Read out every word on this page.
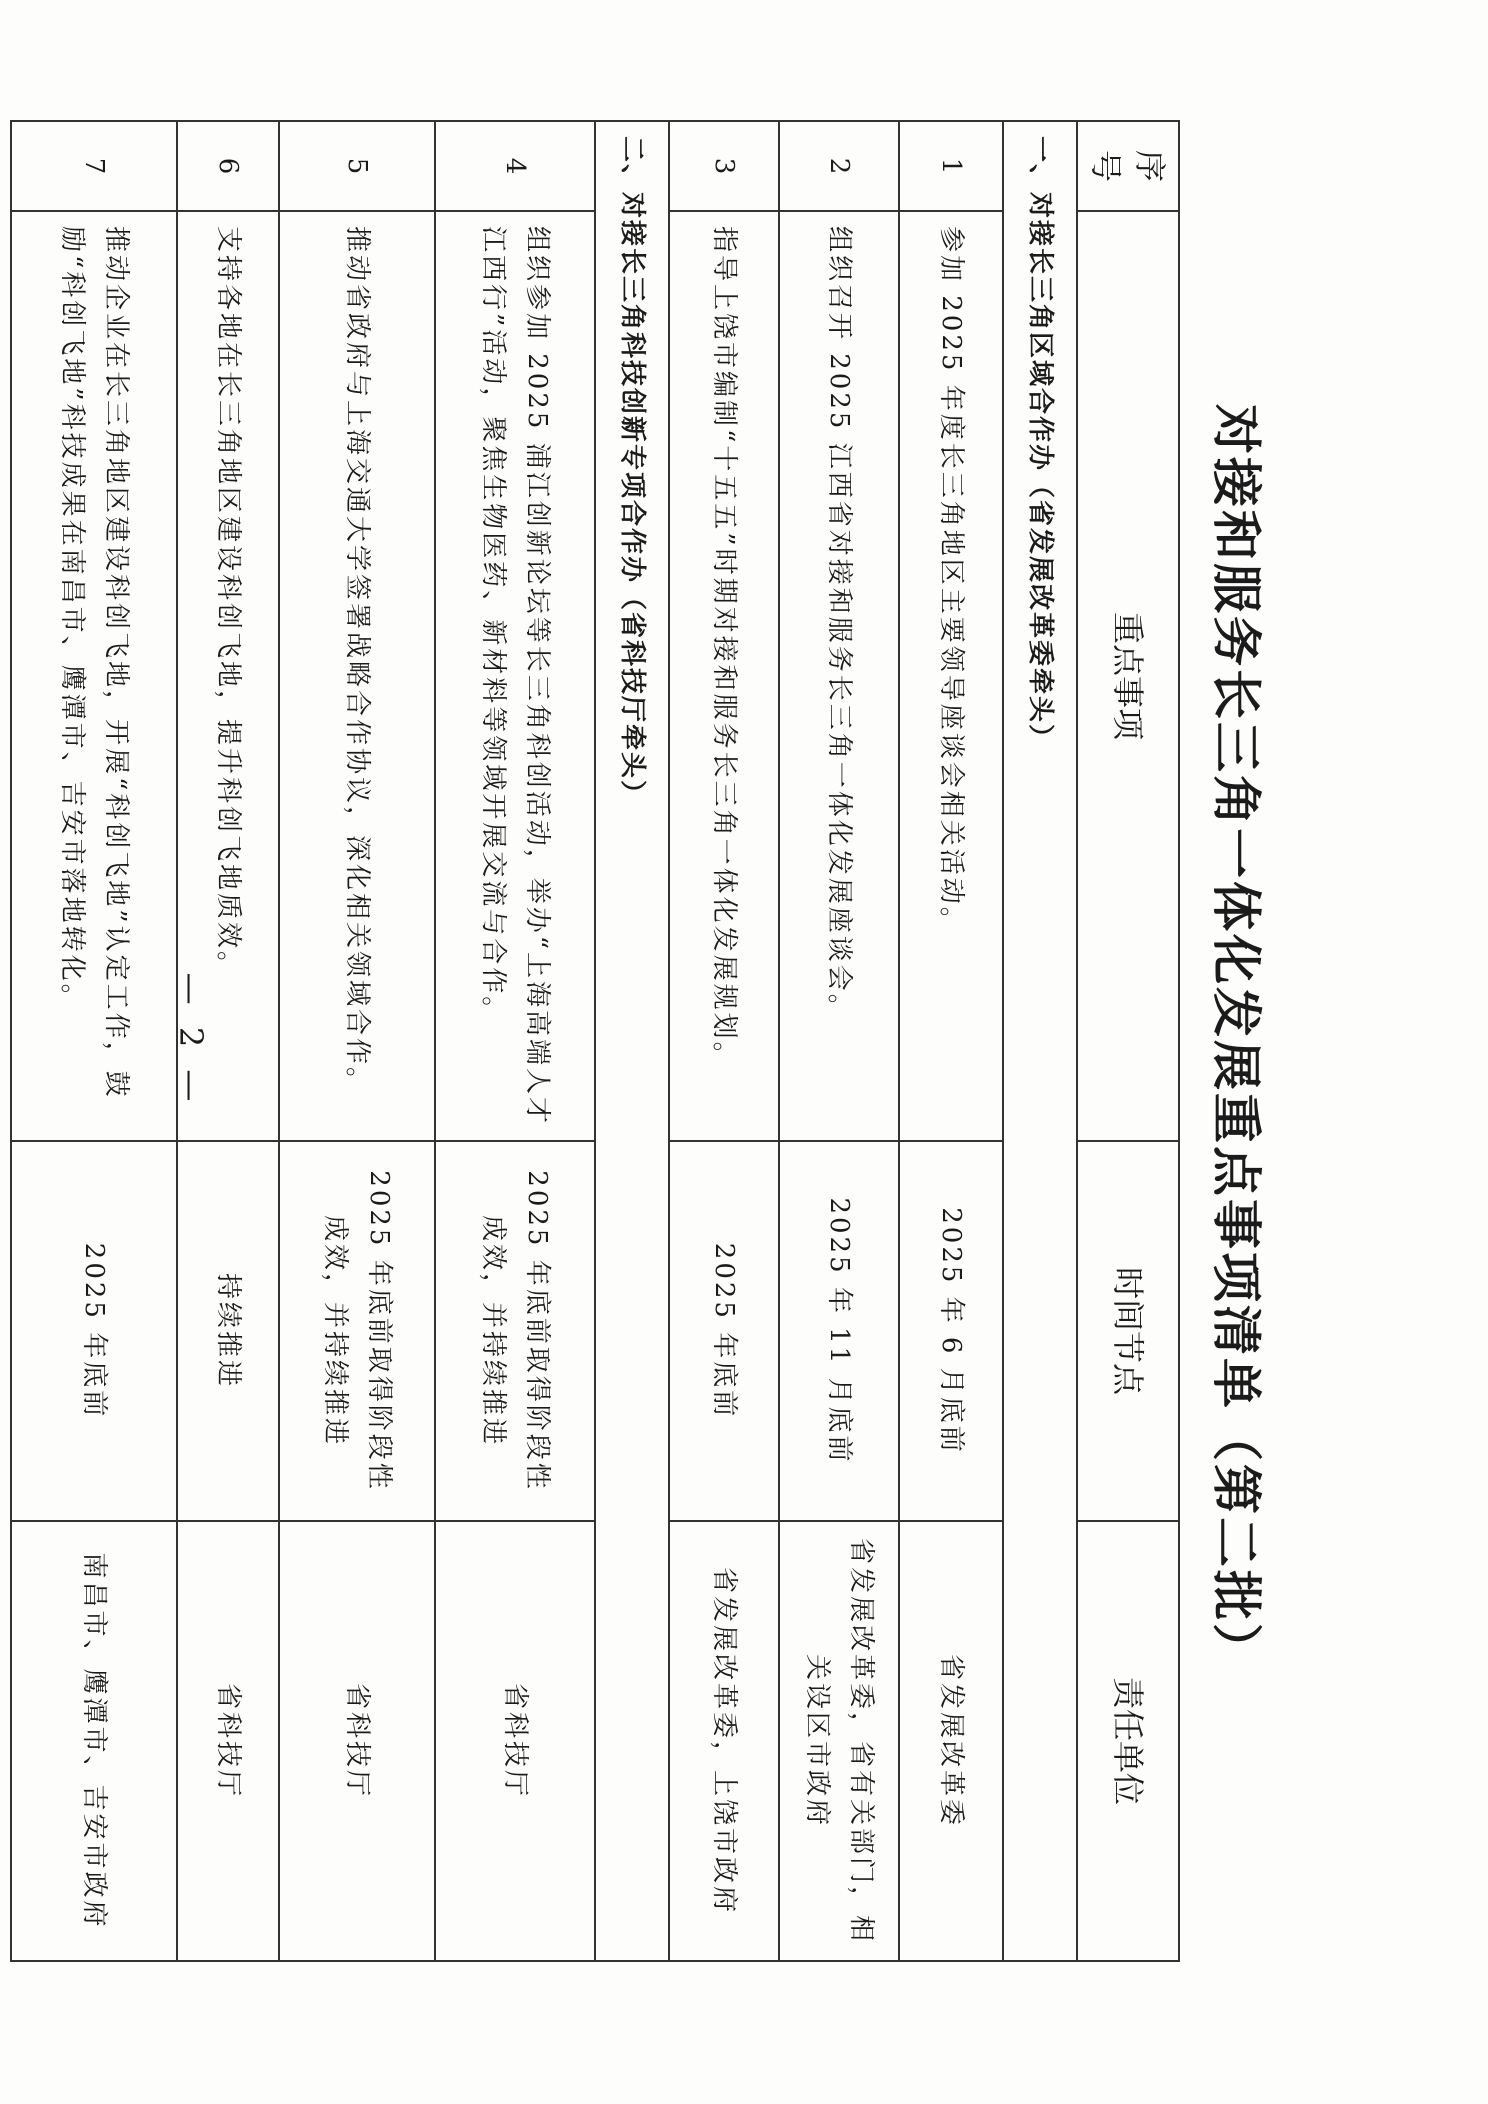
对接和服务长三角一体化发展重点事项清单（第二批）
序号	重点事项	时间节点	责任单位
一、对接长三角区域合作办（省发展改革委牵头）			
1	参加 2025 年度长三角地区主要领导座谈会相关活动。	2025 年 6 月底前	省发展改革委
2	组织召开 2025 江西省对接和服务长三角一体化发展座谈会。	2025 年 11 月底前	省发展改革委，省有关部门，相关设区市政府
3	指导上饶市编制“十五五”时期对接和服务长三角一体化发展规划。	2025 年底前	省发展改革委，上饶市政府
二、对接长三角科技创新专项合作办（省科技厅牵头）			
4	组织参加 2025 浦江创新论坛等长三角科创活动，举办“上海高端人才江西行”活动，聚焦生物医药、新材料等领域开展交流与合作。	2025 年底前取得阶段性成效，并持续推进	省科技厅
5	推动省政府与上海交通大学签署战略合作协议，深化相关领域合作。	2025 年底前取得阶段性成效，并持续推进	省科技厅
6	支持各地在长三角地区建设科创飞地，提升科创飞地质效。	持续推进	省科技厅
7	推动企业在长三角地区建设科创飞地，开展“科创飞地”认定工作，鼓励“科创飞地”科技成果在南昌市、鹰潭市、吉安市落地转化。	2025 年底前	南昌市、鹰潭市、吉安市政府
— 2 —
